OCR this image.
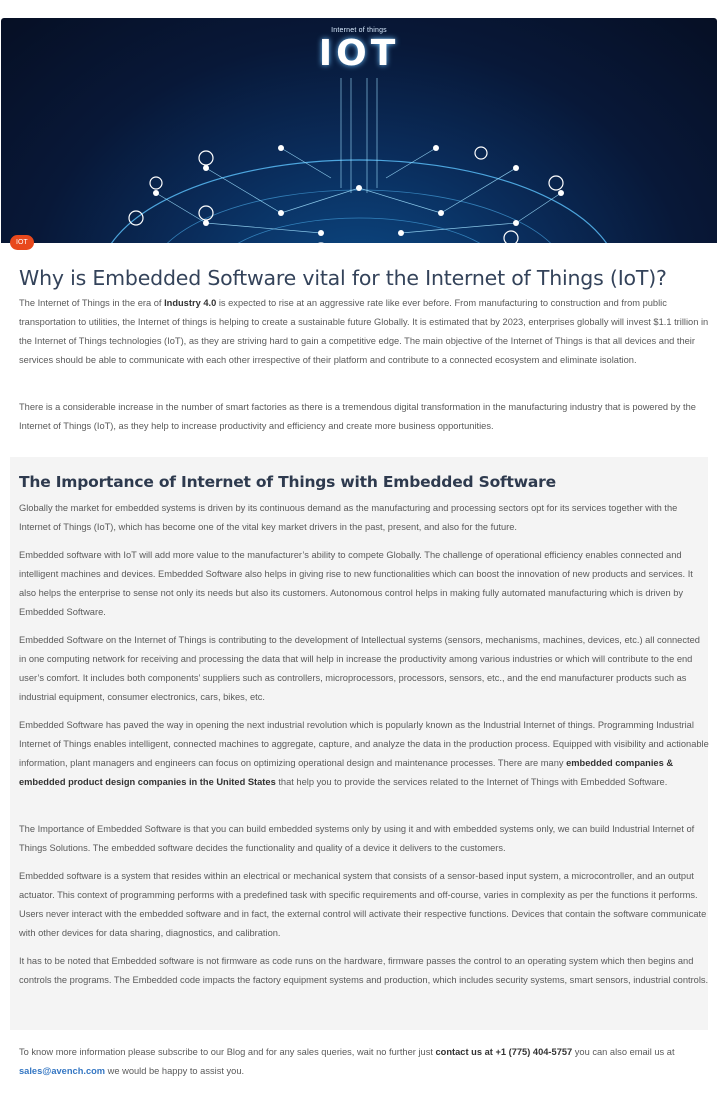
Internet of things
IOT
IOT
Why is Embedded Software vital for the Internet of Things (IoT)?

The Internet of Things in the era of Industry 4.0 is expected to rise at an aggressive rate like ever before. From manufacturing to construction and from public transportation to utilities, the Internet of things is helping to create a sustainable future Globally. It is estimated that by 2023, enterprises globally will invest $1.1 trillion in the Internet of Things technologies (IoT), as they are striving hard to gain a competitive edge. The main objective of the Internet of Things is that all devices and their services should be able to communicate with each other irrespective of their platform and contribute to a connected ecosystem and eliminate isolation.

There is a considerable increase in the number of smart factories as there is a tremendous digital transformation in the manufacturing industry that is powered by the Internet of Things (IoT), as they help to increase productivity and efficiency and create more business opportunities.

The Importance of Internet of Things with Embedded Software

Globally the market for embedded systems is driven by its continuous demand as the manufacturing and processing sectors opt for its services together with the Internet of Things (IoT), which has become one of the vital key market drivers in the past, present, and also for the future.

Embedded software with IoT will add more value to the manufacturer’s ability to compete Globally. The challenge of operational efficiency enables connected and intelligent machines and devices. Embedded Software also helps in giving rise to new functionalities which can boost the innovation of new products and services. It also helps the enterprise to sense not only its needs but also its customers. Autonomous control helps in making fully automated manufacturing which is driven by Embedded Software.

Embedded Software on the Internet of Things is contributing to the development of Intellectual systems (sensors, mechanisms, machines, devices, etc.) all connected in one computing network for receiving and processing the data that will help in increase the productivity among various industries or which will contribute to the end user’s comfort. It includes both components’ suppliers such as controllers, microprocessors, processors, sensors, etc., and the end manufacturer products such as industrial equipment, consumer electronics, cars, bikes, etc.

Embedded Software has paved the way in opening the next industrial revolution which is popularly known as the Industrial Internet of things. Programming Industrial Internet of Things enables intelligent, connected machines to aggregate, capture, and analyze the data in the production process. Equipped with visibility and actionable information, plant managers and engineers can focus on optimizing operational design and maintenance processes. There are many embedded companies & embedded product design companies in the United States that help you to provide the services related to the Internet of Things with Embedded Software.

The Importance of Embedded Software is that you can build embedded systems only by using it and with embedded systems only, we can build Industrial Internet of Things Solutions. The embedded software decides the functionality and quality of a device it delivers to the customers.

Embedded software is a system that resides within an electrical or mechanical system that consists of a sensor-based input system, a microcontroller, and an output actuator. This context of programming performs with a predefined task with specific requirements and off-course, varies in complexity as per the functions it performs. Users never interact with the embedded software and in fact, the external control will activate their respective functions. Devices that contain the software communicate with other devices for data sharing, diagnostics, and calibration.

It has to be noted that Embedded software is not firmware as code runs on the hardware, firmware passes the control to an operating system which then begins and controls the programs. The Embedded code impacts the factory equipment systems and production, which includes security systems, smart sensors, industrial controls.

To know more information please subscribe to our Blog and for any sales queries, wait no further just contact us at +1 (775) 404-5757 you can also email us at sales@avench.com we would be happy to assist you.
